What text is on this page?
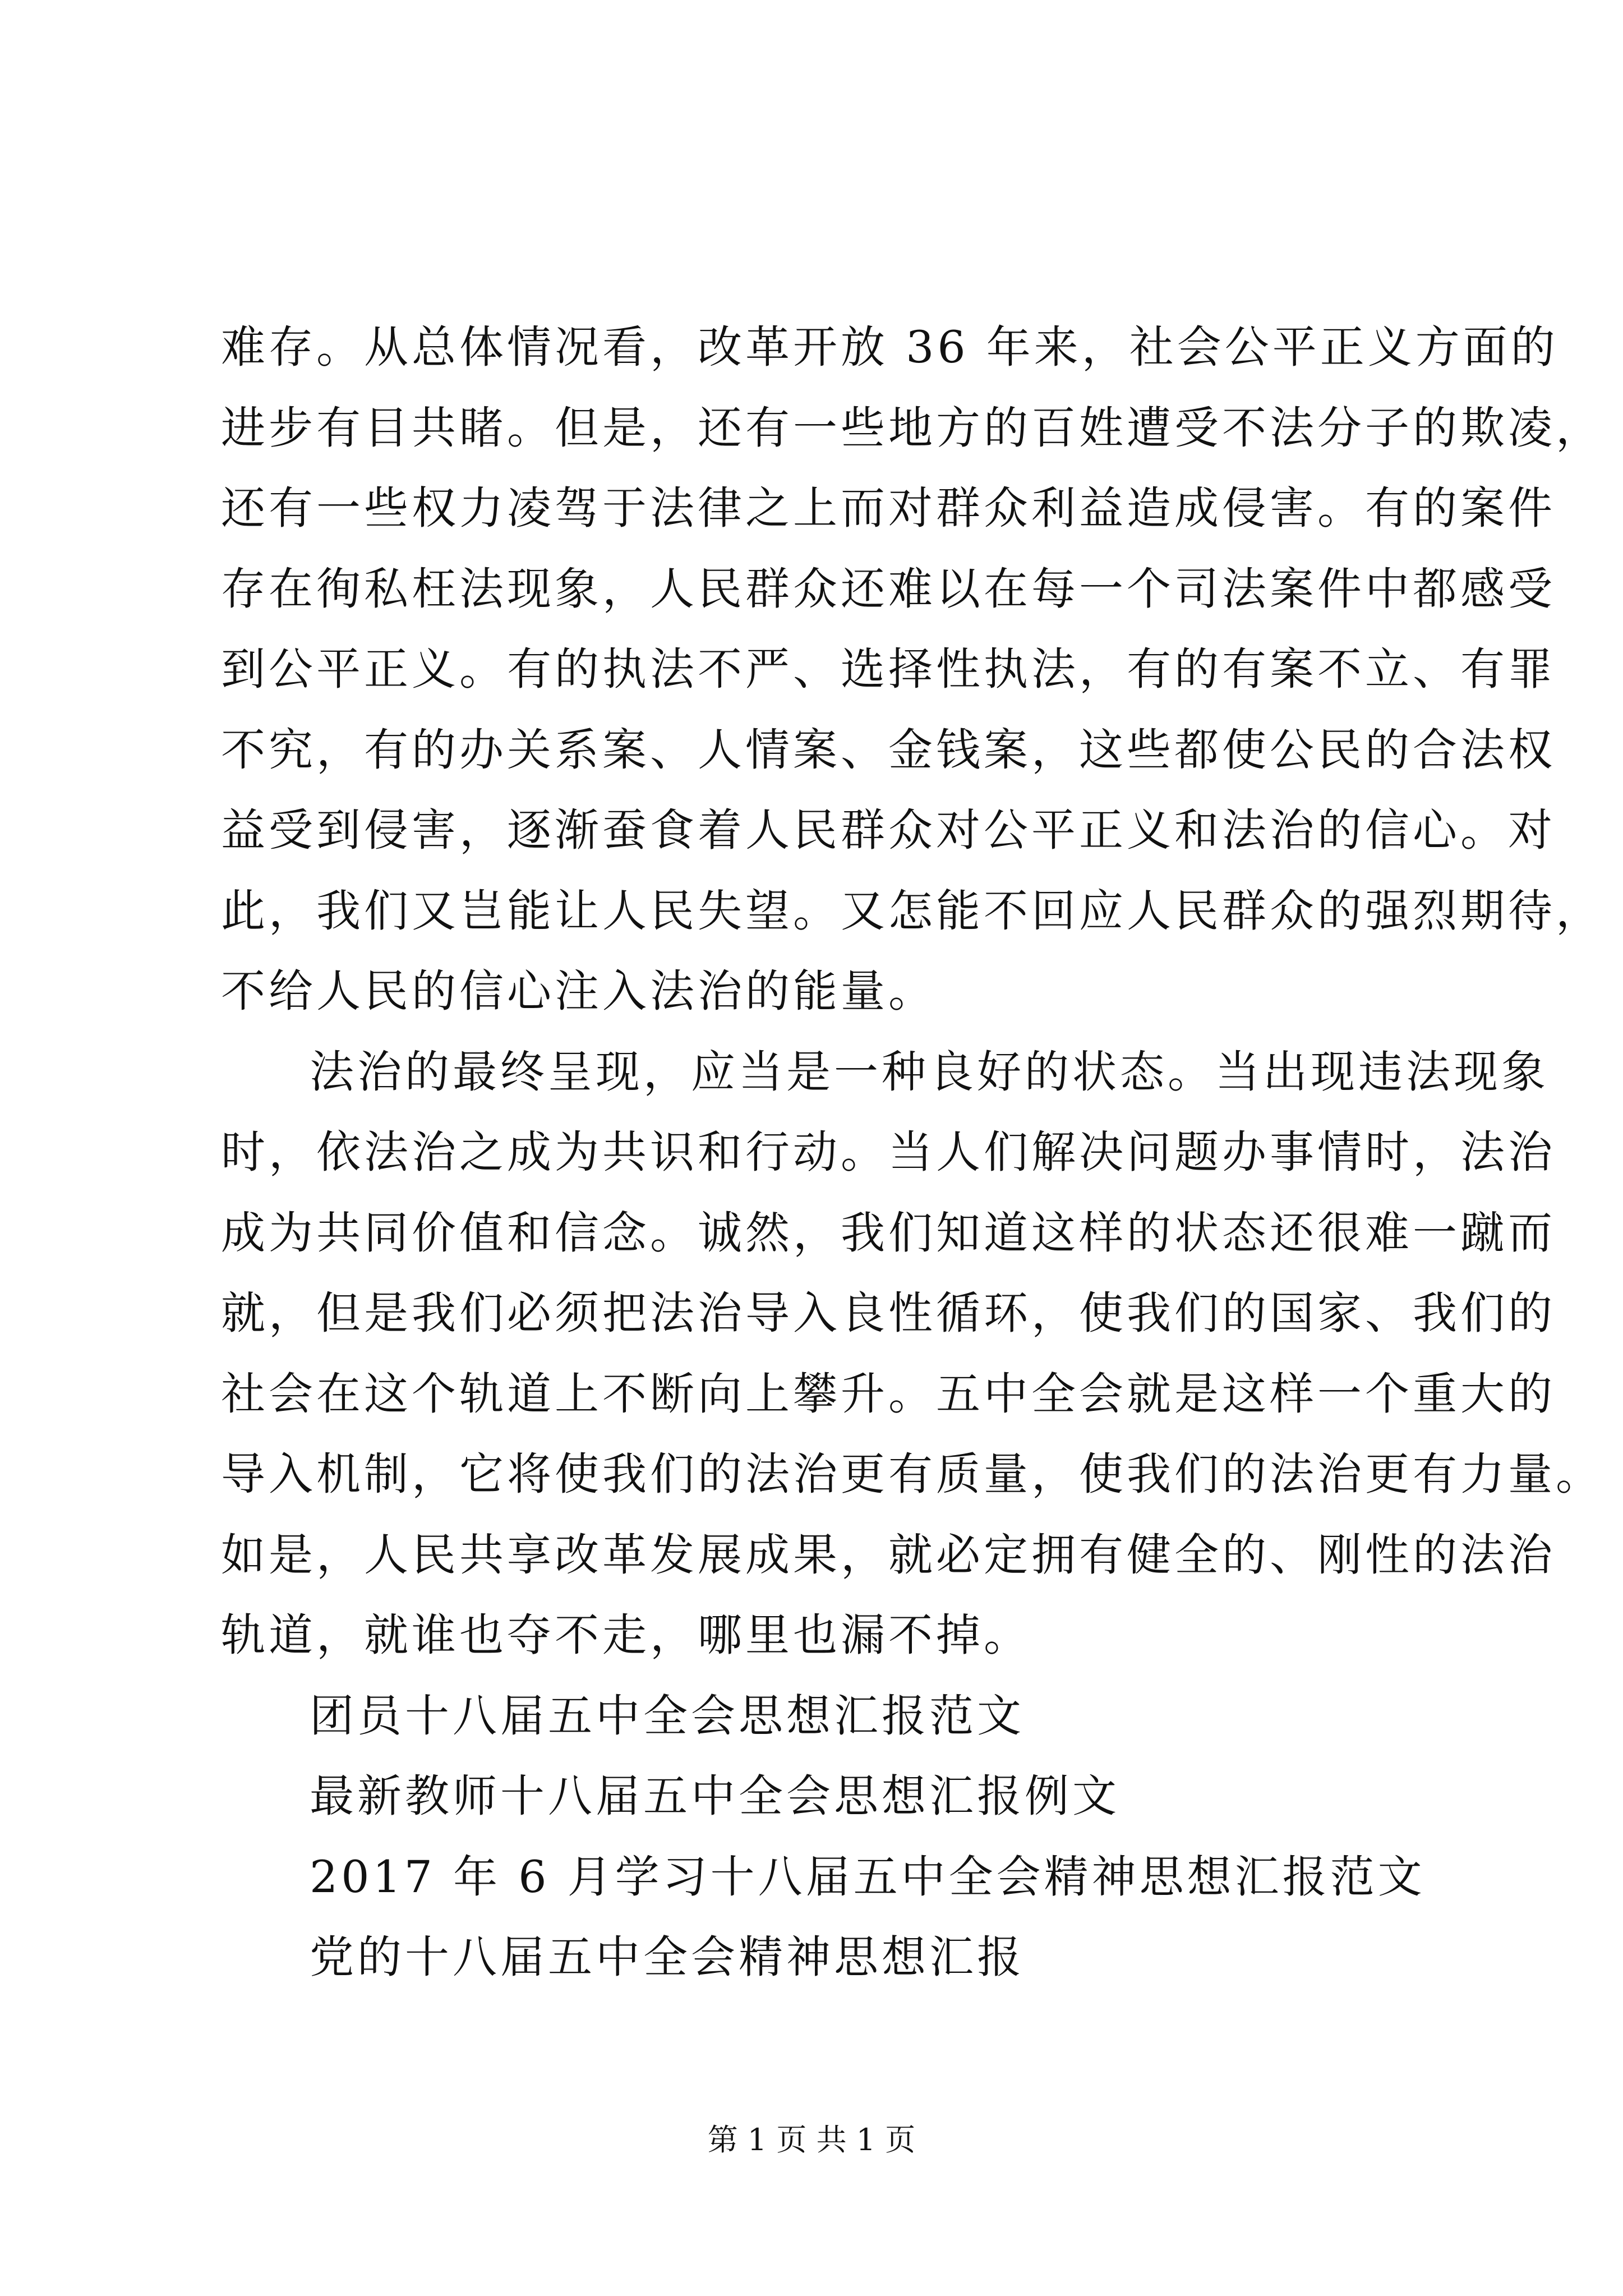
难存。从总体情况看，改革开放 36 年来，社会公平正义方面的
进步有目共睹。但是，还有一些地方的百姓遭受不法分子的欺凌，
还有一些权力凌驾于法律之上而对群众利益造成侵害。有的案件
存在徇私枉法现象，人民群众还难以在每一个司法案件中都感受
到公平正义。有的执法不严、选择性执法，有的有案不立、有罪
不究，有的办关系案、人情案、金钱案，这些都使公民的合法权
益受到侵害，逐渐蚕食着人民群众对公平正义和法治的信心。对
此，我们又岂能让人民失望。又怎能不回应人民群众的强烈期待，
不给人民的信心注入法治的能量。
法治的最终呈现，应当是一种良好的状态。当出现违法现象
时，依法治之成为共识和行动。当人们解决问题办事情时，法治
成为共同价值和信念。诚然，我们知道这样的状态还很难一蹴而
就，但是我们必须把法治导入良性循环，使我们的国家、我们的
社会在这个轨道上不断向上攀升。五中全会就是这样一个重大的
导入机制，它将使我们的法治更有质量，使我们的法治更有力量。
如是，人民共享改革发展成果，就必定拥有健全的、刚性的法治
轨道，就谁也夺不走，哪里也漏不掉。
团员十八届五中全会思想汇报范文
最新教师十八届五中全会思想汇报例文
2017 年 6 月学习十八届五中全会精神思想汇报范文
党的十八届五中全会精神思想汇报
第 1 页 共 1 页
